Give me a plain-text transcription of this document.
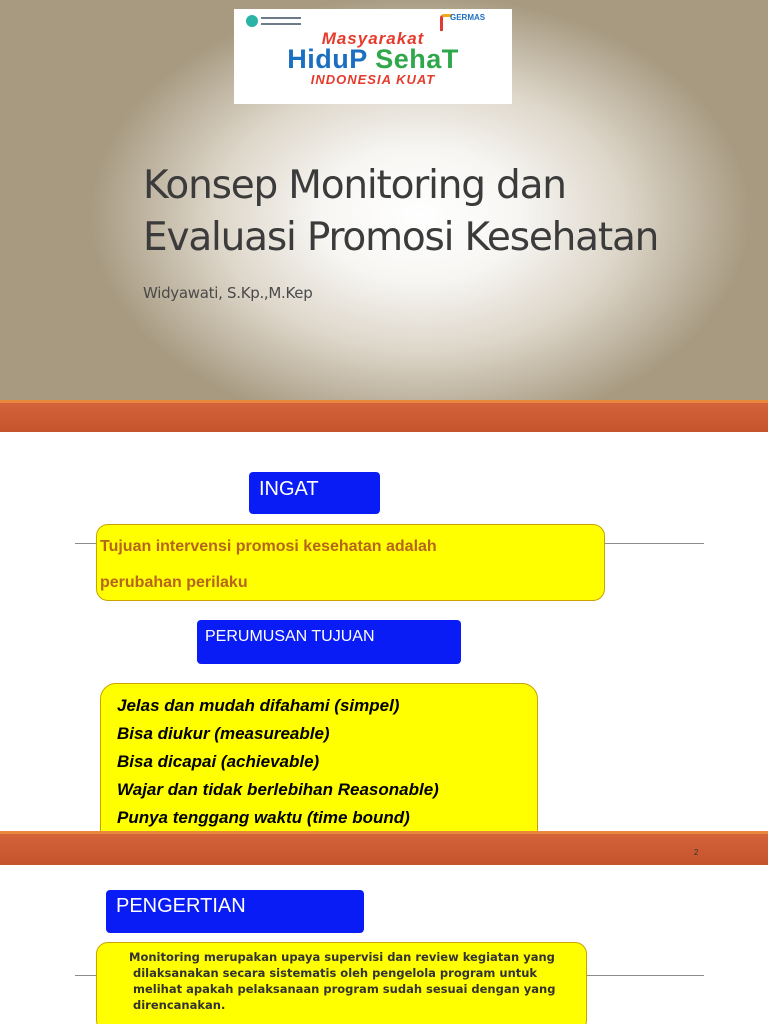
GERMAS
Masyarakat
HiduP SehaT
INDONESIA KUAT
Konsep Monitoring dan
Evaluasi Promosi Kesehatan
Widyawati, S.Kp.,M.Kep
INGAT

Tujuan intervensi promosi kesehatan adalah

perubahan perilaku

PERUMUSAN TUJUAN
Jelas dan mudah difahami (simpel)
Bisa diukur (measureable)
Bisa dicapai (achievable)
Wajar dan tidak berlebihan Reasonable)
Punya tenggang waktu (time bound)
2
PENGERTIAN

Monitoring merupakan upaya supervisi dan review kegiatan yang

dilaksanakan secara sistematis oleh pengelola program untuk

melihat apakah pelaksanaan program sudah sesuai dengan yang

direncanakan.
